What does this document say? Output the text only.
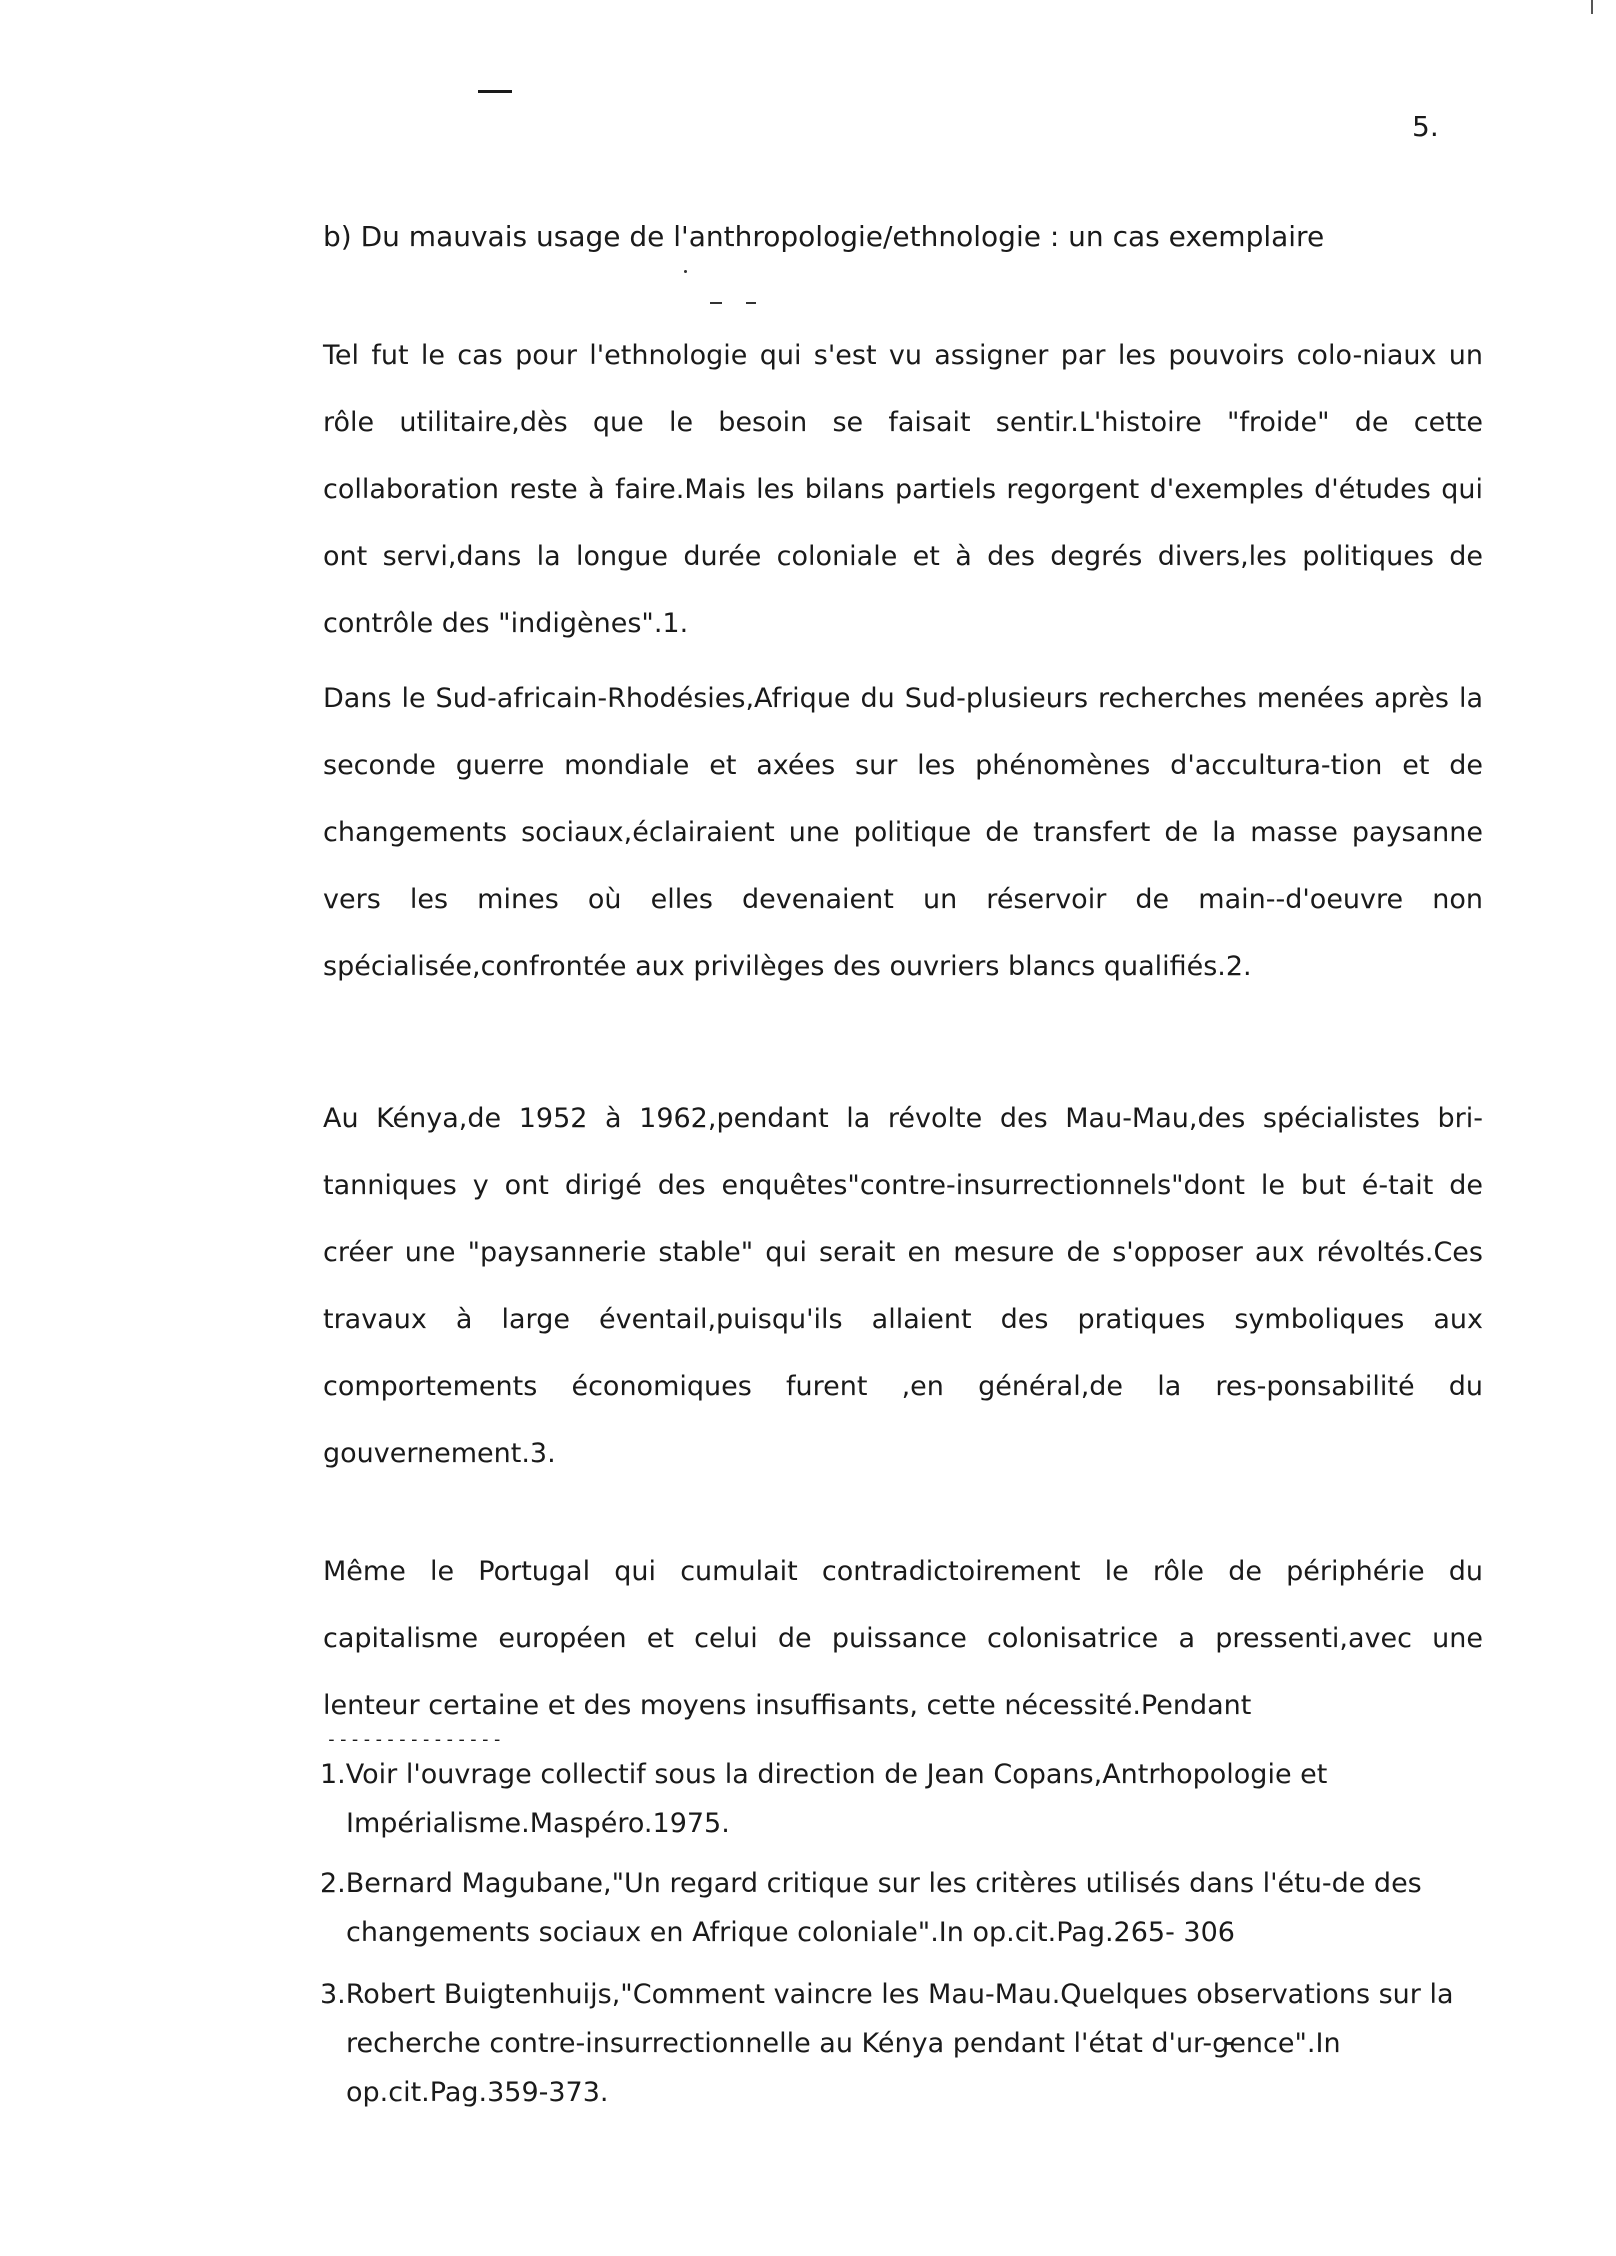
5.

b) Du mauvais usage de l'anthropologie/ethnologie : un cas exemplaire

Tel fut le cas pour l'ethnologie qui s'est vu assigner par les pouvoirs colo-niaux un rôle utilitaire,dès que le besoin se faisait sentir.L'histoire "froide" de cette collaboration reste à faire.Mais les bilans partiels regorgent d'exemples d'études qui ont servi,dans la longue durée coloniale et à des degrés divers,les politiques de contrôle des "indigènes".1.

Dans le Sud-africain-Rhodésies,Afrique du Sud-plusieurs recherches menées après la seconde guerre mondiale et axées sur les phénomènes d'accultura-tion et de changements sociaux,éclairaient une politique de transfert de la masse paysanne vers les mines où elles devenaient un réservoir de main--d'oeuvre non spécialisée,confrontée aux privilèges des ouvriers blancs qualifiés.2.

Au Kénya,de 1952 à 1962,pendant la révolte des Mau-Mau,des spécialistes bri-tanniques y ont dirigé des enquêtes"contre-insurrectionnels"dont le but é-tait de créer une "paysannerie stable" qui serait en mesure de s'opposer aux révoltés.Ces travaux à large éventail,puisqu'ils allaient des pratiques symboliques aux comportements économiques furent ,en général,de la res-ponsabilité du gouvernement.3.

Même le Portugal qui cumulait contradictoirement le rôle de périphérie du capitalisme européen et celui de puissance colonisatrice a pressenti,avec une lenteur certaine et des moyens insuffisants, cette nécessité.Pendant

---------------

1.Voir l'ouvrage collectif sous la direction de Jean Copans,Antrhopologie et Impérialisme.Maspéro.1975.

2.Bernard Magubane,"Un regard critique sur les critères utilisés dans l'étu-de des changements sociaux en Afrique coloniale".In op.cit.Pag.265- 306

3.Robert Buigtenhuijs,"Comment vaincre les Mau-Mau.Quelques observations sur la recherche contre-insurrectionnelle au Kénya pendant l'état d'ur-gence".In op.cit.Pag.359-373.
